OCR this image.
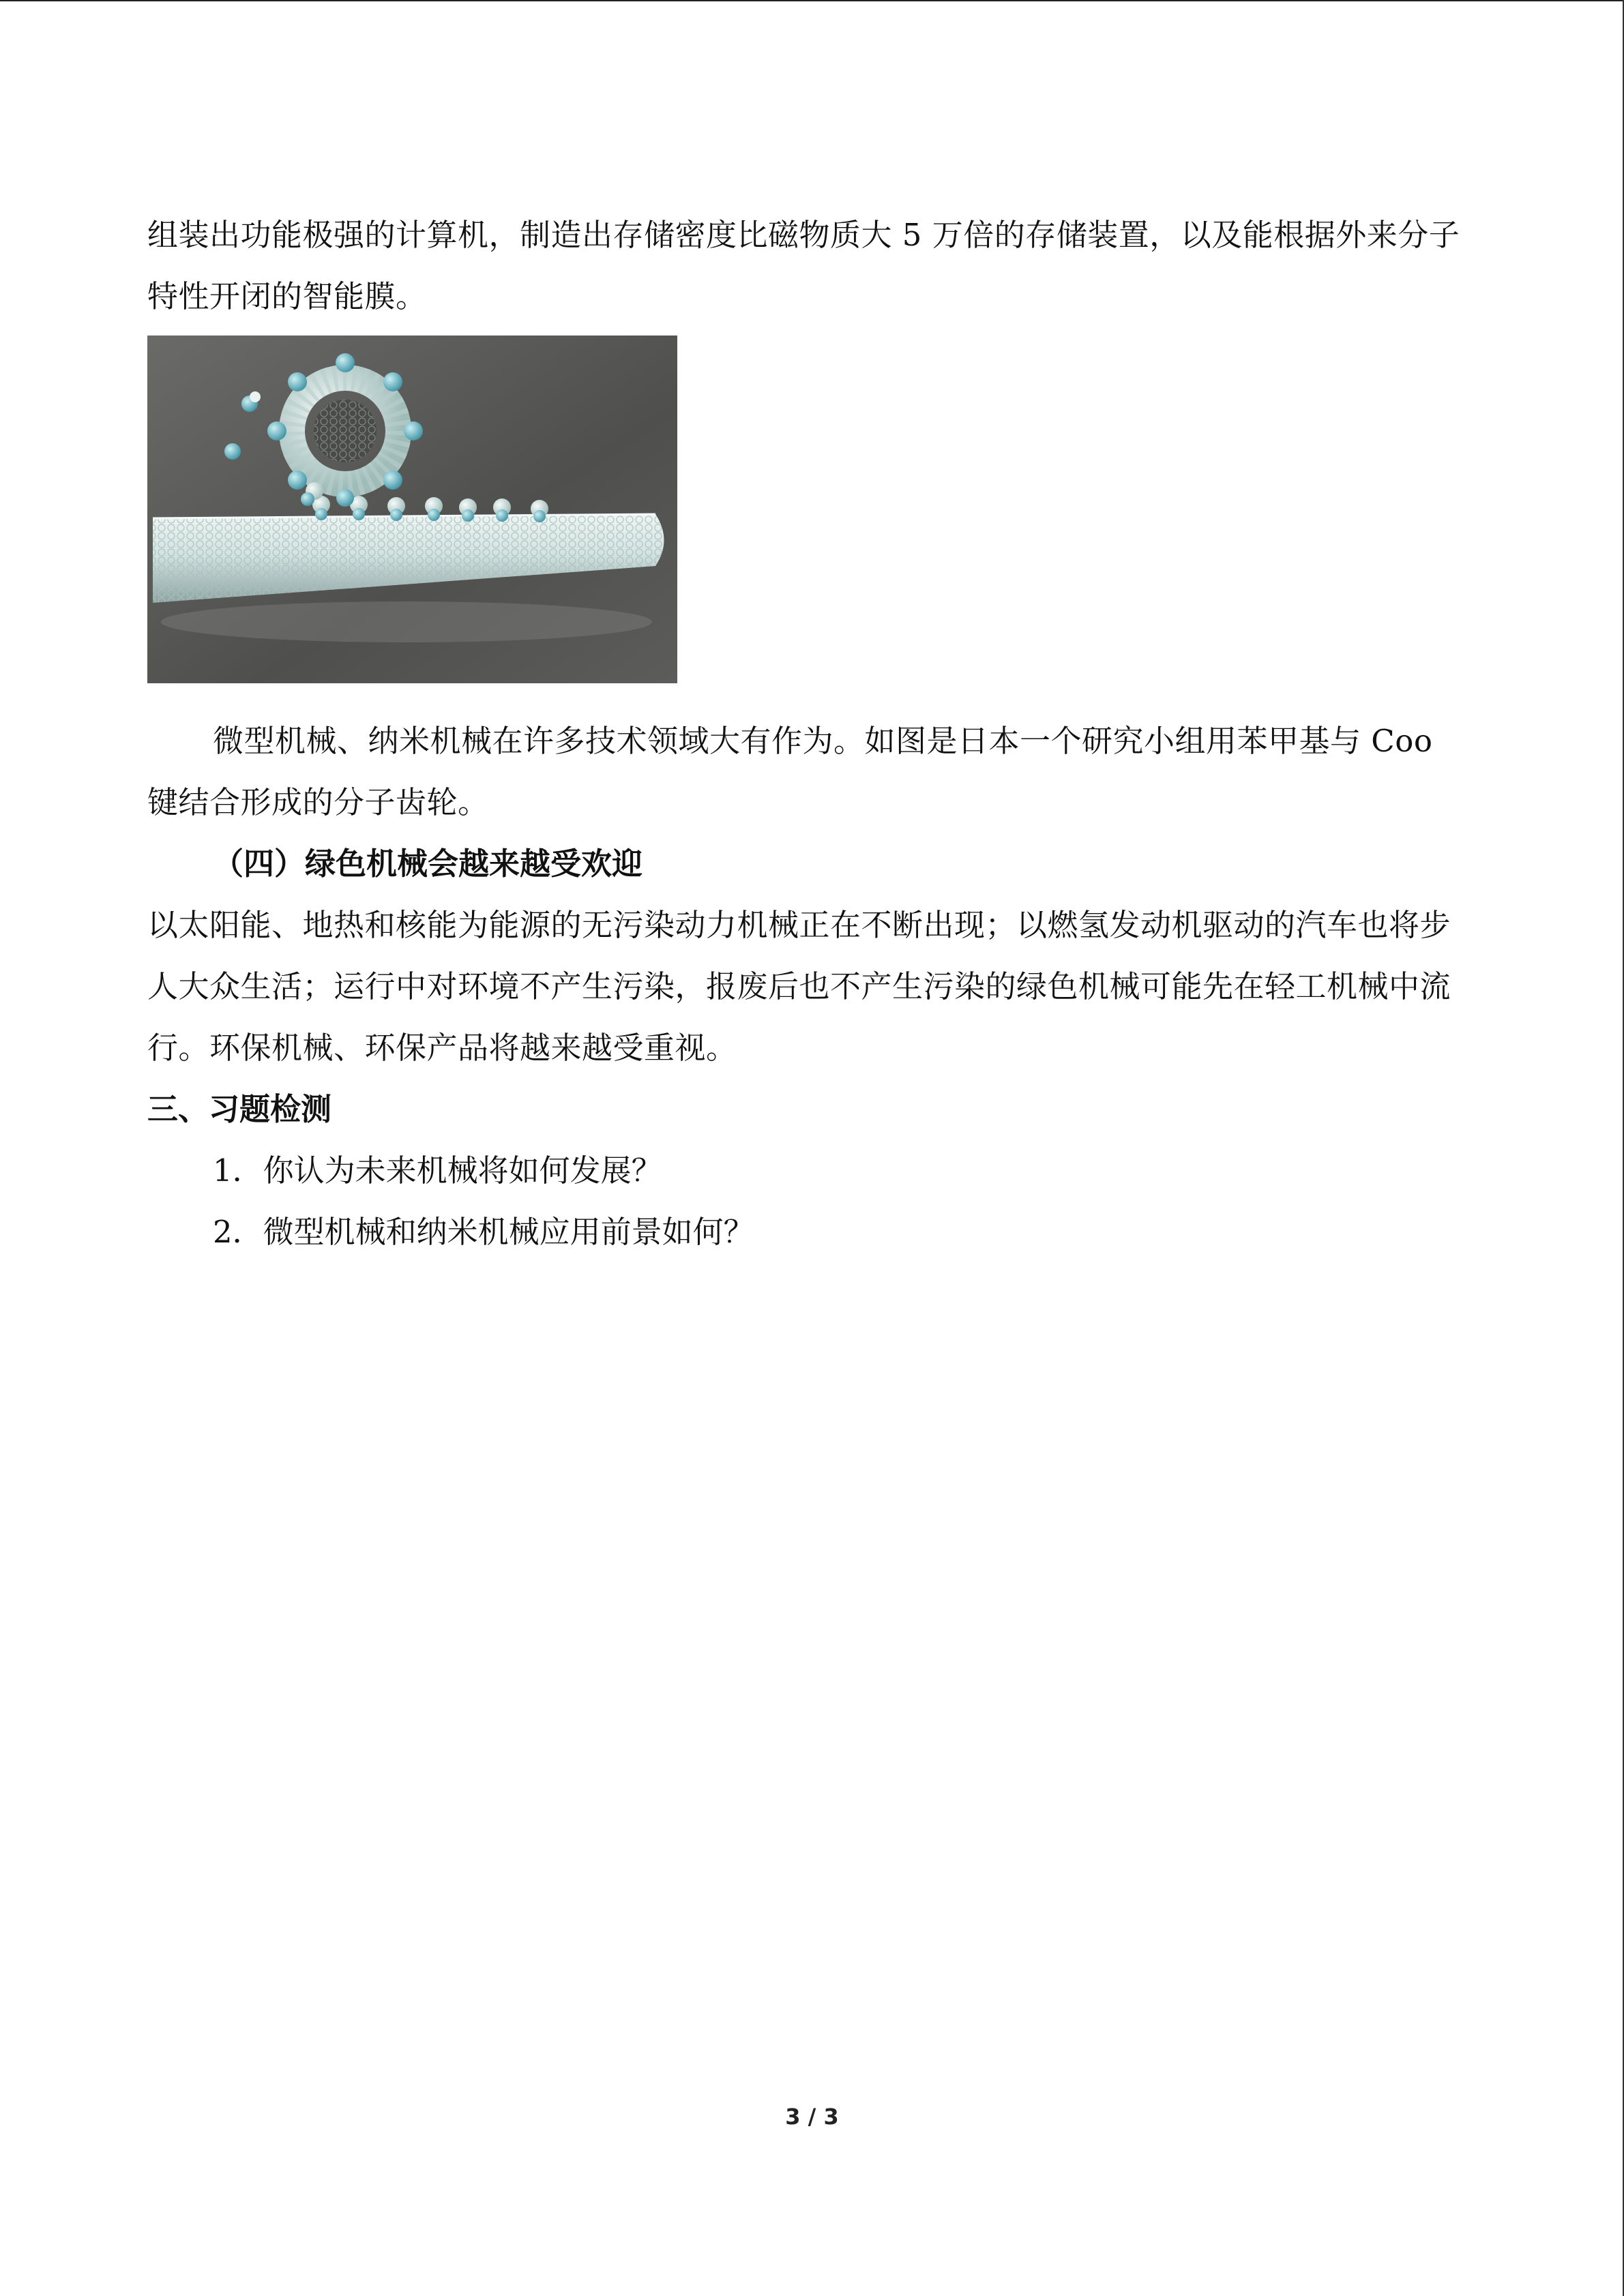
组装出功能极强的计算机，制造出存储密度比磁物质大 5 万倍的存储装置，以及能根据外来分子特性开闭的智能膜。

微型机械、纳米机械在许多技术领域大有作为。如图是日本一个研究小组用苯甲基与 Coo 键结合形成的分子齿轮。

（四）绿色机械会越来越受欢迎

以太阳能、地热和核能为能源的无污染动力机械正在不断出现；以燃氢发动机驱动的汽车也将步人大众生活；运行中对环境不产生污染，报废后也不产生污染的绿色机械可能先在轻工机械中流行。环保机械、环保产品将越来越受重视。

三、习题检测

1．你认为未来机械将如何发展？

2．微型机械和纳米机械应用前景如何？

3 / 3
